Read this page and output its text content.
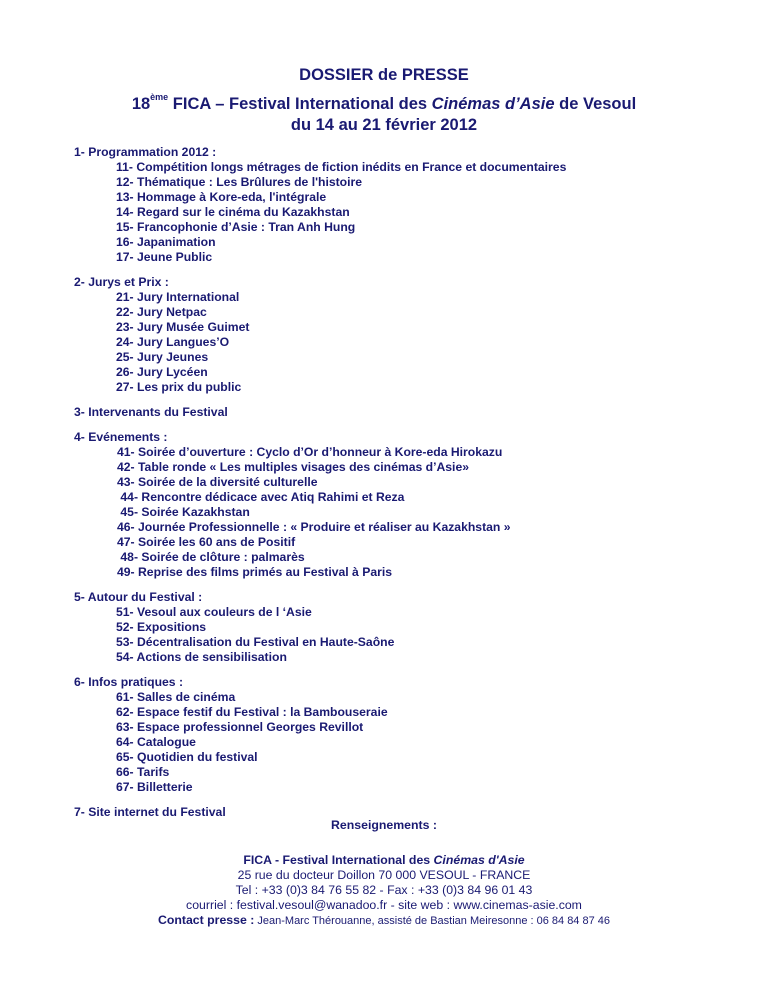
DOSSIER de PRESSE
18ème FICA – Festival International des Cinémas d’Asie de Vesoul
du 14 au 21 février 2012
1- Programmation 2012 :
11- Compétition longs métrages de fiction inédits en France et documentaires
12- Thématique : Les Brûlures de l'histoire
13- Hommage à Kore-eda, l'intégrale
14- Regard sur le cinéma du Kazakhstan
15- Francophonie d’Asie : Tran Anh Hung
16- Japanimation
17- Jeune Public
2- Jurys et Prix :
21- Jury International
22- Jury Netpac
23- Jury Musée Guimet
24- Jury Langues’O
25- Jury Jeunes
26- Jury Lycéen
27- Les prix du public
3- Intervenants du Festival
4- Evénements :
41- Soirée d’ouverture : Cyclo d’Or d’honneur à Kore-eda Hirokazu
42- Table ronde « Les multiples visages des cinémas d’Asie»
43- Soirée de la diversité culturelle
44- Rencontre dédicace avec Atiq Rahimi et Reza
45- Soirée Kazakhstan
46- Journée Professionnelle : « Produire et réaliser au Kazakhstan »
47- Soirée les 60 ans de Positif
48- Soirée de clôture : palmarès
49- Reprise des films primés au Festival à Paris
5- Autour du Festival :
51- Vesoul aux couleurs de l ‘Asie
52- Expositions
53- Décentralisation du Festival en Haute-Saône
54- Actions de sensibilisation
6- Infos pratiques :
61- Salles de cinéma
62- Espace festif du Festival : la Bambouseraie
63- Espace professionnel Georges Revillot
64- Catalogue
65- Quotidien du festival
66- Tarifs
67- Billetterie
7- Site internet du Festival
Renseignements :
FICA - Festival International des Cinémas d'Asie
25 rue du docteur Doillon 70 000 VESOUL - FRANCE
Tel : +33 (0)3 84 76 55 82 - Fax : +33 (0)3 84 96 01 43
courriel : festival.vesoul@wanadoo.fr - site web : www.cinemas-asie.com
Contact presse : Jean-Marc Thérouanne, assisté de Bastian Meiresonne : 06 84 84 87 46
